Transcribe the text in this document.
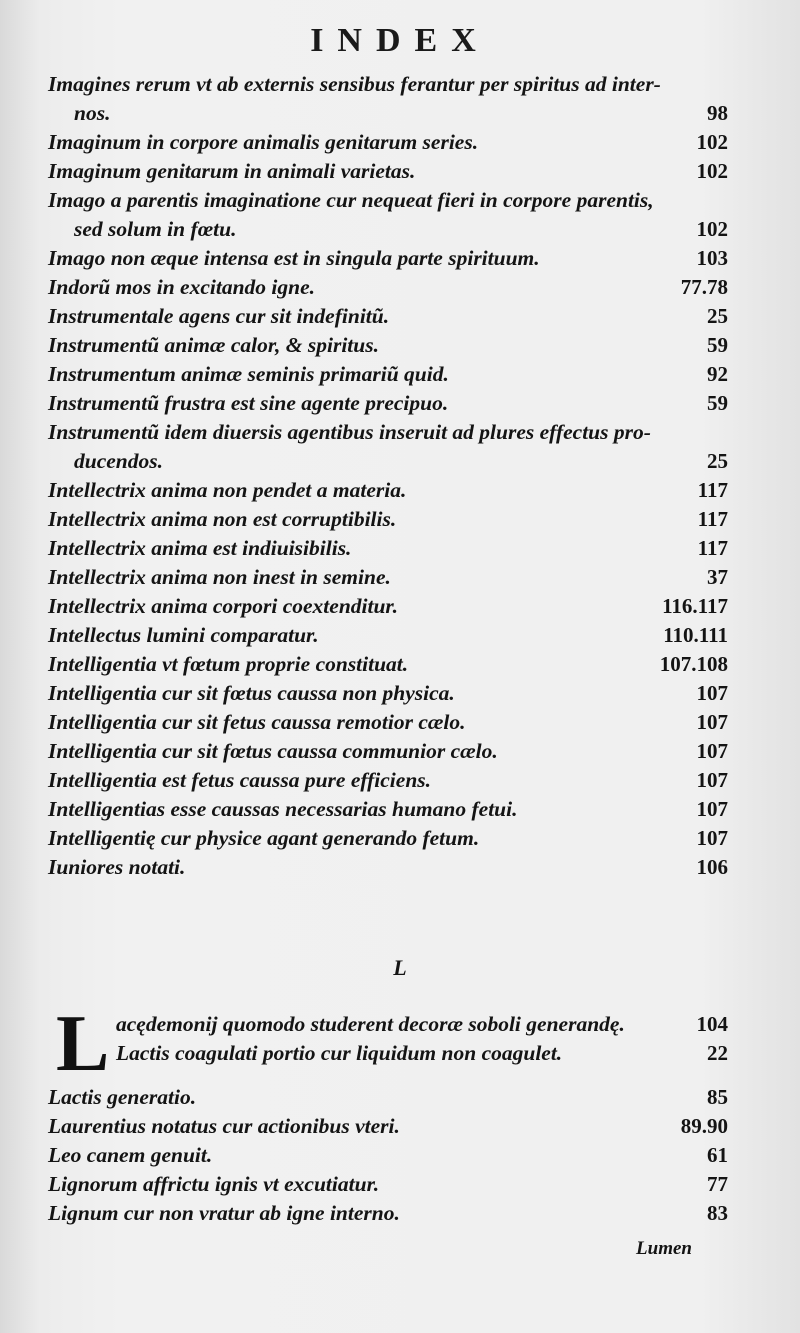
INDEX
Imagines rerum vt ab externis sensibus ferantur per spiritus ad inter-
nos.	98
Imaginum in corpore animalis genitarum series.	102
Imaginum genitarum in animali varietas.	102
Imago a parentis imaginatione cur nequeat fieri in corpore parentis,
sed solum in fœtu.	102
Imago non æque intensa est in singula parte spirituum.	103
Indorũ mos in excitando igne.	77.78
Instrumentale agens cur sit indefinitũ.	25
Instrumentũ animæ calor, & spiritus.	59
Instrumentum animæ seminis primariũ quid.	92
Instrumentũ frustra est sine agente precipuo.	59
Instrumentũ idem diuersis agentibus inseruit ad plures effectus pro-
ducendos.	25
Intellectrix anima non pendet a materia.	117
Intellectrix anima non est corruptibilis.	117
Intellectrix anima est indiuisibilis.	117
Intellectrix anima non inest in semine.	37
Intellectrix anima corpori coextenditur.	116.117
Intellectus lumini comparatur.	110.111
Intelligentia vt fœtum proprie constituat.	107.108
Intelligentia cur sit fœtus caussa non physica.	107
Intelligentia cur sit fetus caussa remotior cælo.	107
Intelligentia cur sit fœtus caussa communior cælo.	107
Intelligentia est fetus caussa pure efficiens.	107
Intelligentias esse caussas necessarias humano fetui.	107
Intelligentię cur physice agant generando fetum.	107
Iuniores notati.	106
L
L acędemonij quomodo studerent decoræ soboli generandę.	104
Lactis coagulati portio cur liquidum non coagulet.	22
Lactis generatio.	85
Laurentius notatus cur actionibus vteri.	89.90
Leo canem genuit.	61
Lignorum affrictu ignis vt excutiatur.	77
Lignum cur non vratur ab igne interno.	83
Lumen
